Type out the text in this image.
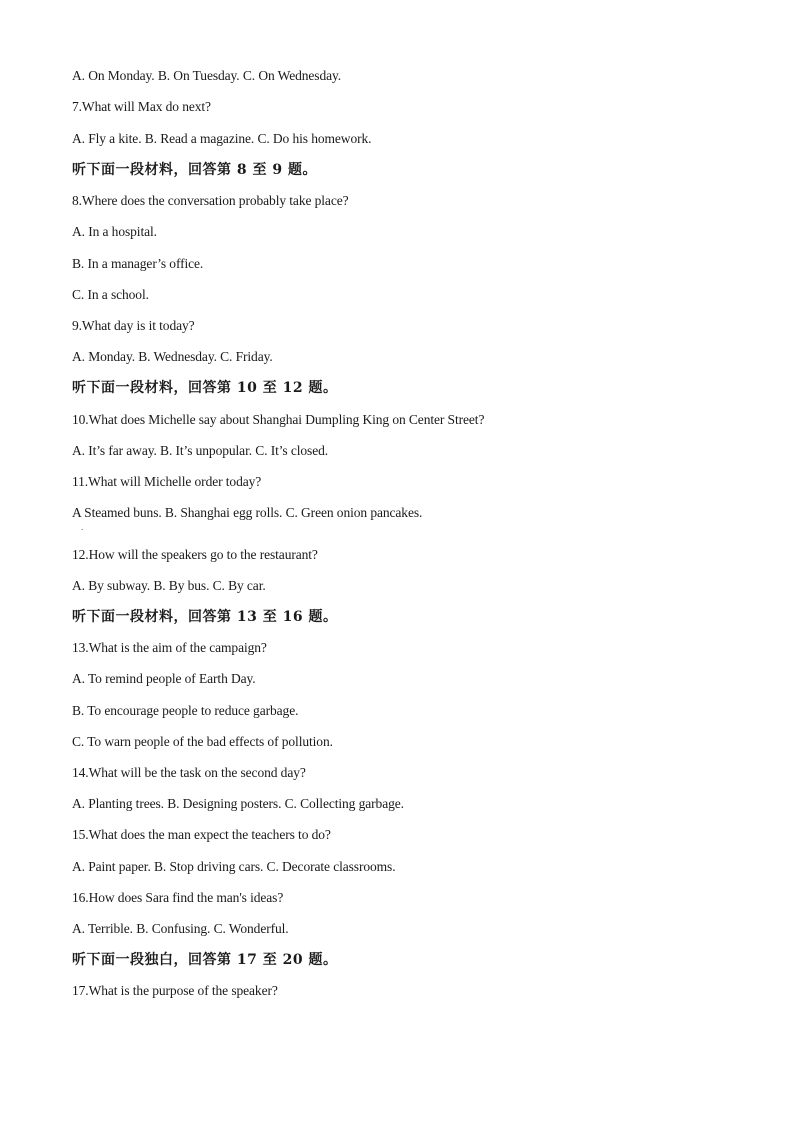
A. On Monday. B. On Tuesday. C. On Wednesday.
7.What will Max do next?
A. Fly a kite. B. Read a magazine. C. Do his homework.
听下面一段材料，回答第 8 至 9 题。
8.Where does the conversation probably take place?
A. In a hospital.
B. In a manager’s office.
C. In a school.
9.What day is it today?
A. Monday. B. Wednesday. C. Friday.
听下面一段材料，回答第 10 至 12 题。
10.What does Michelle say about Shanghai Dumpling King on Center Street?
A. It’s far away. B. It’s unpopular. C. It’s closed.
11.What will Michelle order today?
A Steamed buns. B. Shanghai egg rolls. C. Green onion pancakes.
.
12.How will the speakers go to the restaurant?
A. By subway. B. By bus. C. By car.
听下面一段材料，回答第 13 至 16 题。
13.What is the aim of the campaign?
A. To remind people of Earth Day.
B. To encourage people to reduce garbage.
C. To warn people of the bad effects of pollution.
14.What will be the task on the second day?
A. Planting trees. B. Designing posters. C. Collecting garbage.
15.What does the man expect the teachers to do?
A. Paint paper. B. Stop driving cars. C. Decorate classrooms.
16.How does Sara find the man's ideas?
A. Terrible. B. Confusing. C. Wonderful.
听下面一段独白，回答第 17 至 20 题。
17.What is the purpose of the speaker?
